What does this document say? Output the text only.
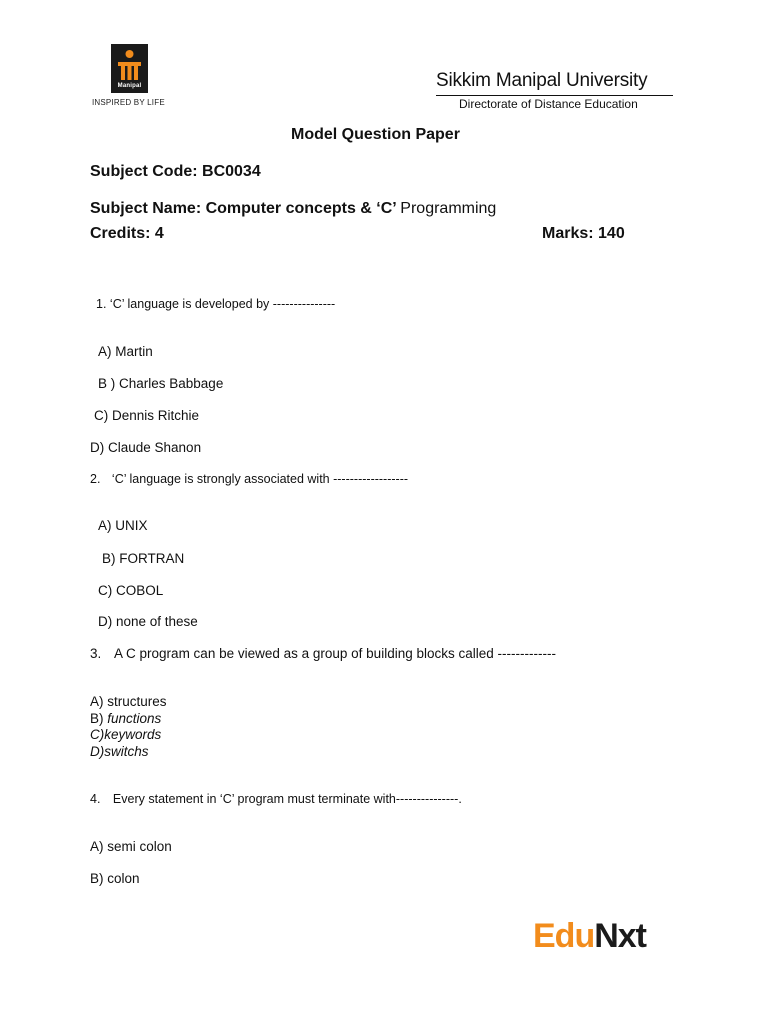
Manipal
INSPIRED BY LIFE
Sikkim Manipal University
Directorate of Distance Education
Model Question Paper
Subject Code: BC0034
Subject Name: Computer concepts & ‘C’ Programming
Credits: 4	Marks: 140
1. ‘C’ language is developed by ---------------
A) Martin
B ) Charles Babbage
C) Dennis Ritchie
D) Claude Shanon
2. ‘C’ language is strongly associated with ------------------
A) UNIX
B) FORTRAN
C) COBOL
D) none of these
3. A C program can be viewed as a group of building blocks called -------------
A) structures
B) functions
C)keywords
D)switchs
4. Every statement in ‘C’ program must terminate with---------------.
A) semi colon
B) colon
EduNxt
